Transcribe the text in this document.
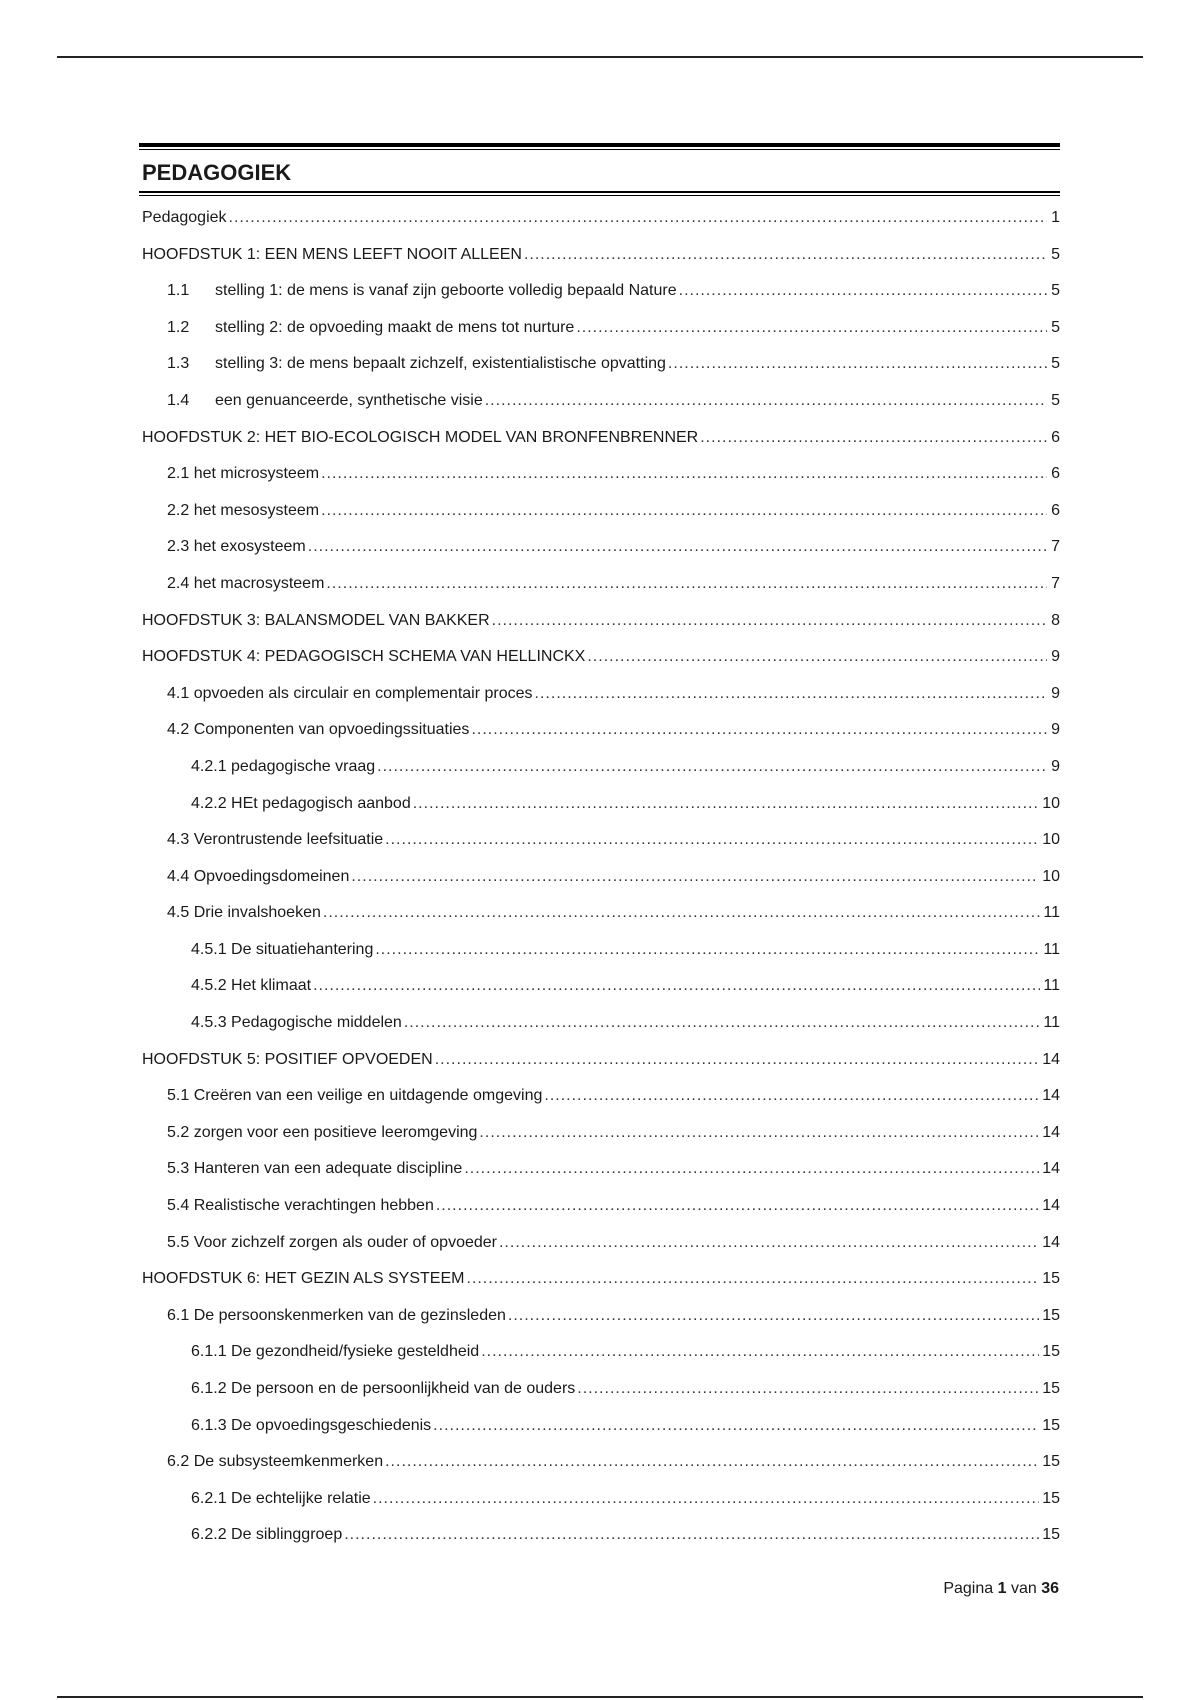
PEDAGOGIEK
Pedagogiek .....	1
HOOFDSTUK 1: EEN MENS LEEFT NOOIT ALLEEN .....	5
1.1	stelling 1: de mens is vanaf zijn geboorte volledig bepaald Nature .....	5
1.2	stelling 2: de opvoeding maakt de mens tot nurture .....	5
1.3	stelling 3: de mens bepaalt zichzelf, existentialistische opvatting .....	5
1.4	een genuanceerde, synthetische visie .....	5
HOOFDSTUK 2: HET BIO-ECOLOGISCH MODEL VAN BRONFENBRENNER .....	6
2.1 het microsysteem .....	6
2.2 het mesosysteem .....	6
2.3 het exosysteem .....	7
2.4 het macrosysteem .....	7
HOOFDSTUK 3: BALANSMODEL VAN BAKKER .....	8
HOOFDSTUK 4: PEDAGOGISCH SCHEMA VAN HELLINCKX .....	9
4.1 opvoeden als circulair en complementair proces .....	9
4.2 Componenten van opvoedingssituaties .....	9
4.2.1 pedagogische vraag .....	9
4.2.2 HEt pedagogisch aanbod .....	10
4.3 Verontrustende leefsituatie .....	10
4.4 Opvoedingsdomeinen .....	10
4.5 Drie invalshoeken .....	11
4.5.1 De situatiehantering .....	11
4.5.2 Het klimaat .....	11
4.5.3 Pedagogische middelen .....	11
HOOFDSTUK 5: POSITIEF OPVOEDEN .....	14
5.1 Creëren van een veilige en uitdagende omgeving .....	14
5.2 zorgen voor een positieve leeromgeving .....	14
5.3 Hanteren van een adequate discipline .....	14
5.4 Realistische verachtingen hebben .....	14
5.5 Voor zichzelf zorgen als ouder of opvoeder .....	14
HOOFDSTUK 6: HET GEZIN ALS SYSTEEM .....	15
6.1 De persoonskenmerken van de gezinsleden .....	15
6.1.1 De gezondheid/fysieke gesteldheid .....	15
6.1.2 De persoon en de persoonlijkheid van de ouders .....	15
6.1.3 De opvoedingsgeschiedenis .....	15
6.2 De subsysteemkenmerken .....	15
6.2.1 De echtelijke relatie .....	15
6.2.2 De siblinggroep .....	15
Pagina 1 van 36
